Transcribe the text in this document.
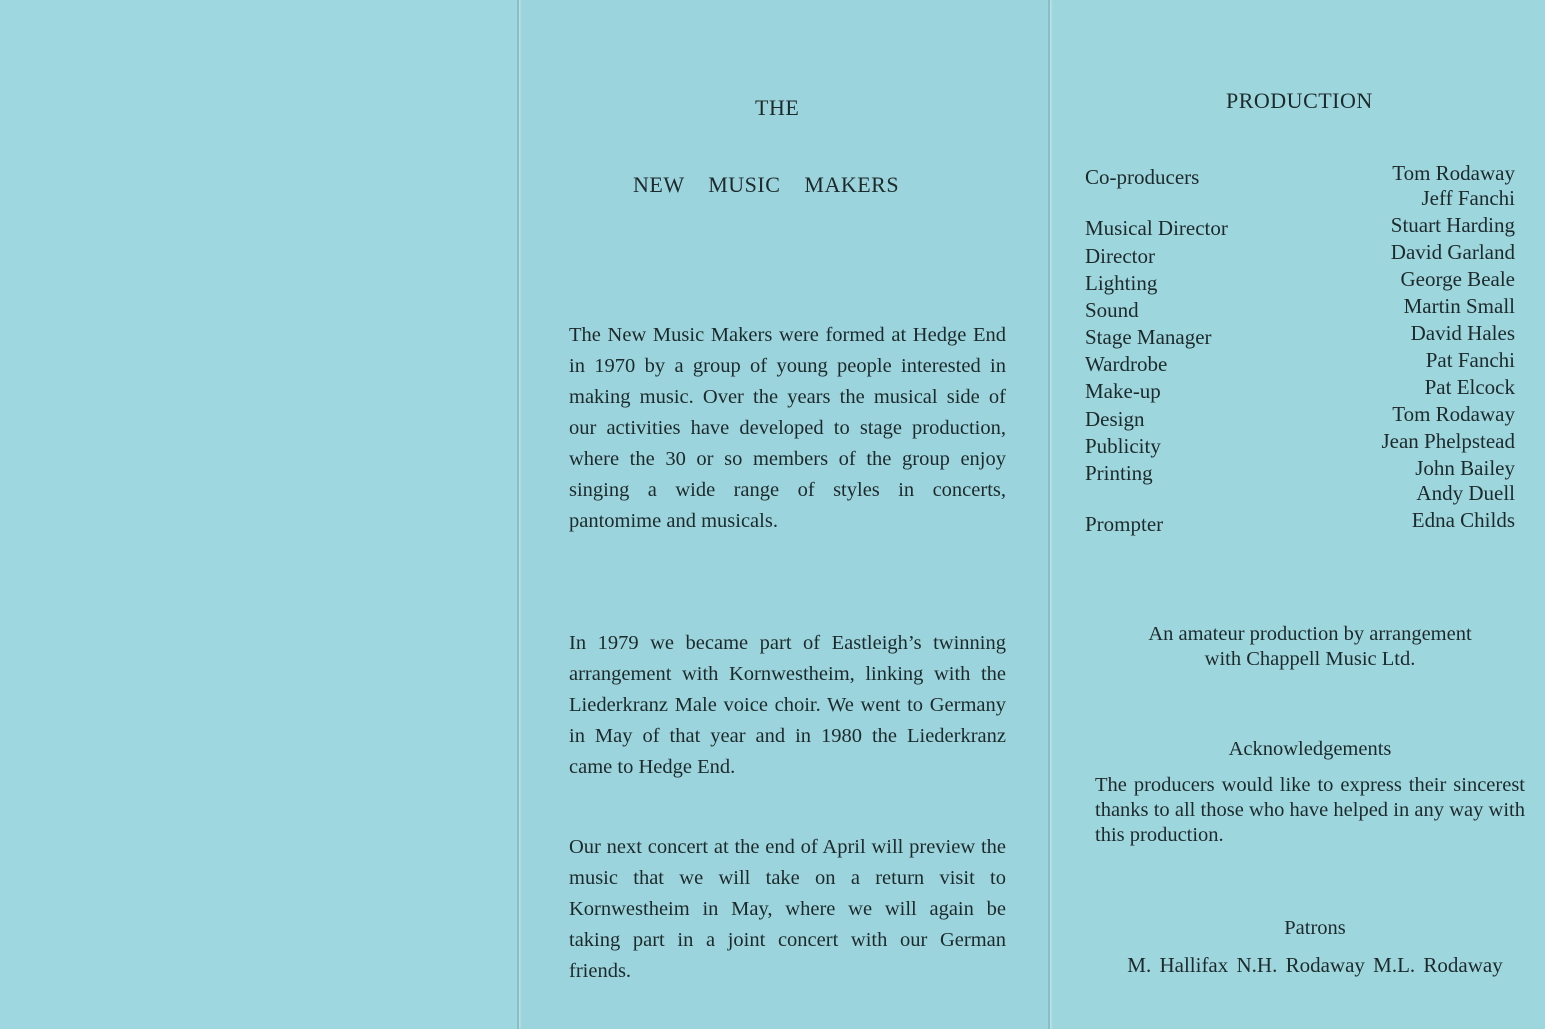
THE
NEW MUSIC MAKERS
The New Music Makers were formed at Hedge End in 1970 by a group of young people interested in making music. Over the years the musical side of our activities have developed to stage production, where the 30 or so members of the group enjoy singing a wide range of styles in concerts, pantomime and musicals.
In 1979 we became part of Eastleigh’s twinning arrangement with Kornwestheim, linking with the Liederkranz Male voice choir. We went to Germany in May of that year and in 1980 the Liederkranz came to Hedge End.
Our next concert at the end of April will preview the music that we will take on a return visit to Kornwestheim in May, where we will again be taking part in a joint concert with our German friends.
PRODUCTION
Co-producers	Tom Rodaway
Jeff Fanchi
Musical Director	Stuart Harding
Director	David Garland
Lighting	George Beale
Sound	Martin Small
Stage Manager	David Hales
Wardrobe	Pat Fanchi
Make-up	Pat Elcock
Design	Tom Rodaway
Publicity	Jean Phelpstead
Printing	John Bailey
Andy Duell
Prompter	Edna Childs
An amateur production by arrangement
with Chappell Music Ltd.
Acknowledgements
The producers would like to express their sincerest thanks to all those who have helped in any way with this production.
Patrons
M. Hallifax N.H. Rodaway M.L. Rodaway
